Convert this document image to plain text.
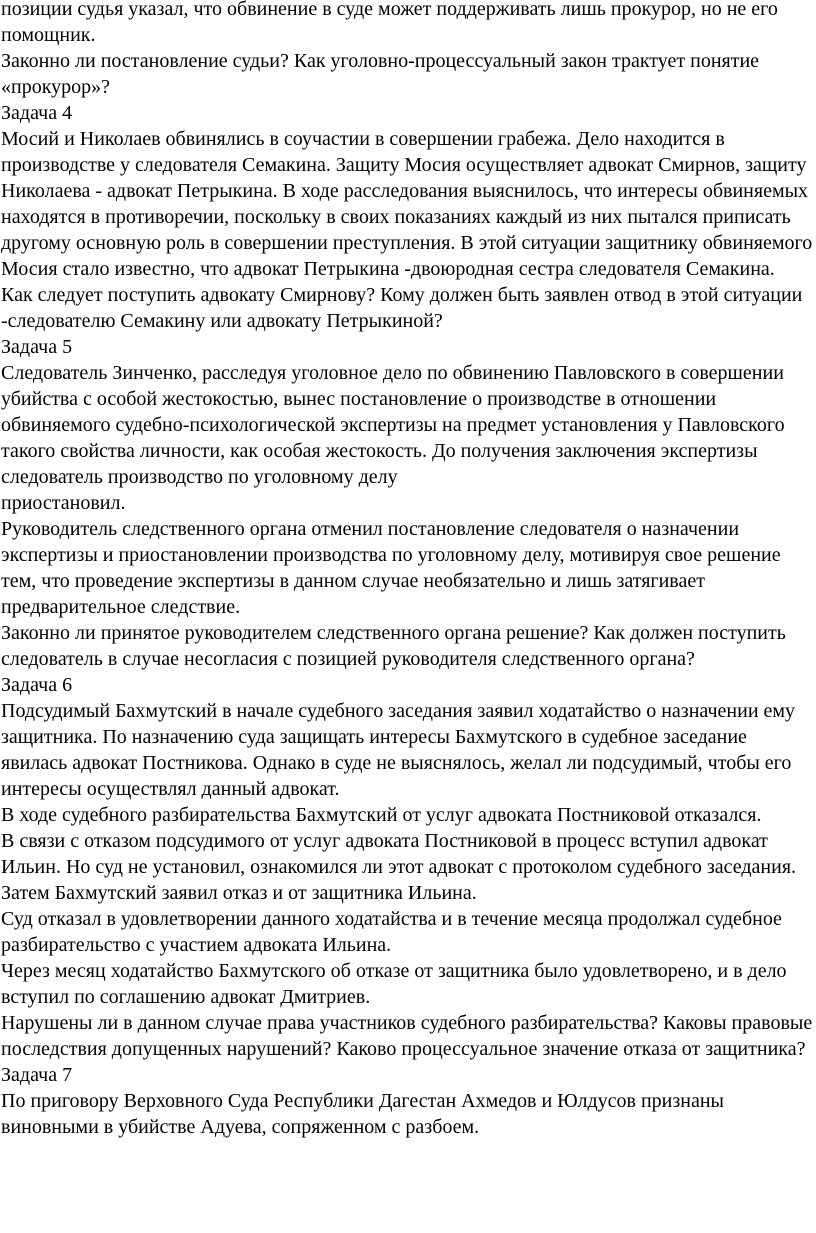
позиции судья указал, что обвинение в суде может поддерживать лишь прокурор, но не его помощник.

Законно ли постановление судьи? Как уголовно-процессуальный закон трактует понятие «прокурор»?

Задача 4

Мосий и Николаев обвинялись в соучастии в совершении грабежа. Дело находится в производстве у следователя Семакина. Защиту Мосия осуществляет адвокат Смирнов, защиту Николаева - адвокат Петрыкина. В ходе расследования выяснилось, что интересы обвиняемых находятся в противоречии, поскольку в своих показаниях каждый из них пытался приписать другому основную роль в совершении преступления. В этой ситуации защитнику обвиняемого Мосия стало известно, что адвокат Петрыкина -двоюродная сестра следователя Семакина.

Как следует поступить адвокату Смирнову? Кому должен быть заявлен отвод в этой ситуации -следователю Семакину или адвокату Петрыкиной?

Задача 5

Следователь Зинченко, расследуя уголовное дело по обвинению Павловского в совершении убийства с особой жестокостью, вынес постановление о производстве в отношении обвиняемого судебно-психологической экспертизы на предмет установления у Павловского такого свойства личности, как особая жестокость. До получения заключения экспертизы следователь производство по уголовному делу

приостановил.

Руководитель следственного органа отменил постановление следователя о назначении экспертизы и приостановлении производства по уголовному делу, мотивируя свое решение тем, что проведение экспертизы в данном случае необязательно и лишь затягивает предварительное следствие.

Законно ли принятое руководителем следственного органа решение? Как должен поступить следователь в случае несогласия с позицией руководителя следственного органа?

Задача 6

Подсудимый Бахмутский в начале судебного заседания заявил ходатайство о назначении ему защитника. По назначению суда защищать интересы Бахмутского в судебное заседание явилась адвокат Постникова. Однако в суде не выяснялось, желал ли подсудимый, чтобы его интересы осуществлял данный адвокат.

В ходе судебного разбирательства Бахмутский от услуг адвоката Постниковой отказался.

В связи с отказом подсудимого от услуг адвоката Постниковой в процесс вступил адвокат Ильин. Но суд не установил, ознакомился ли этот адвокат с протоколом судебного заседания.

Затем Бахмутский заявил отказ и от защитника Ильина.

Суд отказал в удовлетворении данного ходатайства и в течение месяца продолжал судебное разбирательство с участием адвоката Ильина.

Через месяц ходатайство Бахмутского об отказе от защитника было удовлетворено, и в дело вступил по соглашению адвокат Дмитриев.

Нарушены ли в данном случае права участников судебного разбирательства? Каковы правовые последствия допущенных нарушений? Каково процессуальное значение отказа от защитника?

Задача 7

По приговору Верховного Суда Республики Дагестан Ахмедов и Юлдусов признаны виновными в убийстве Адуева, сопряженном с разбоем.
